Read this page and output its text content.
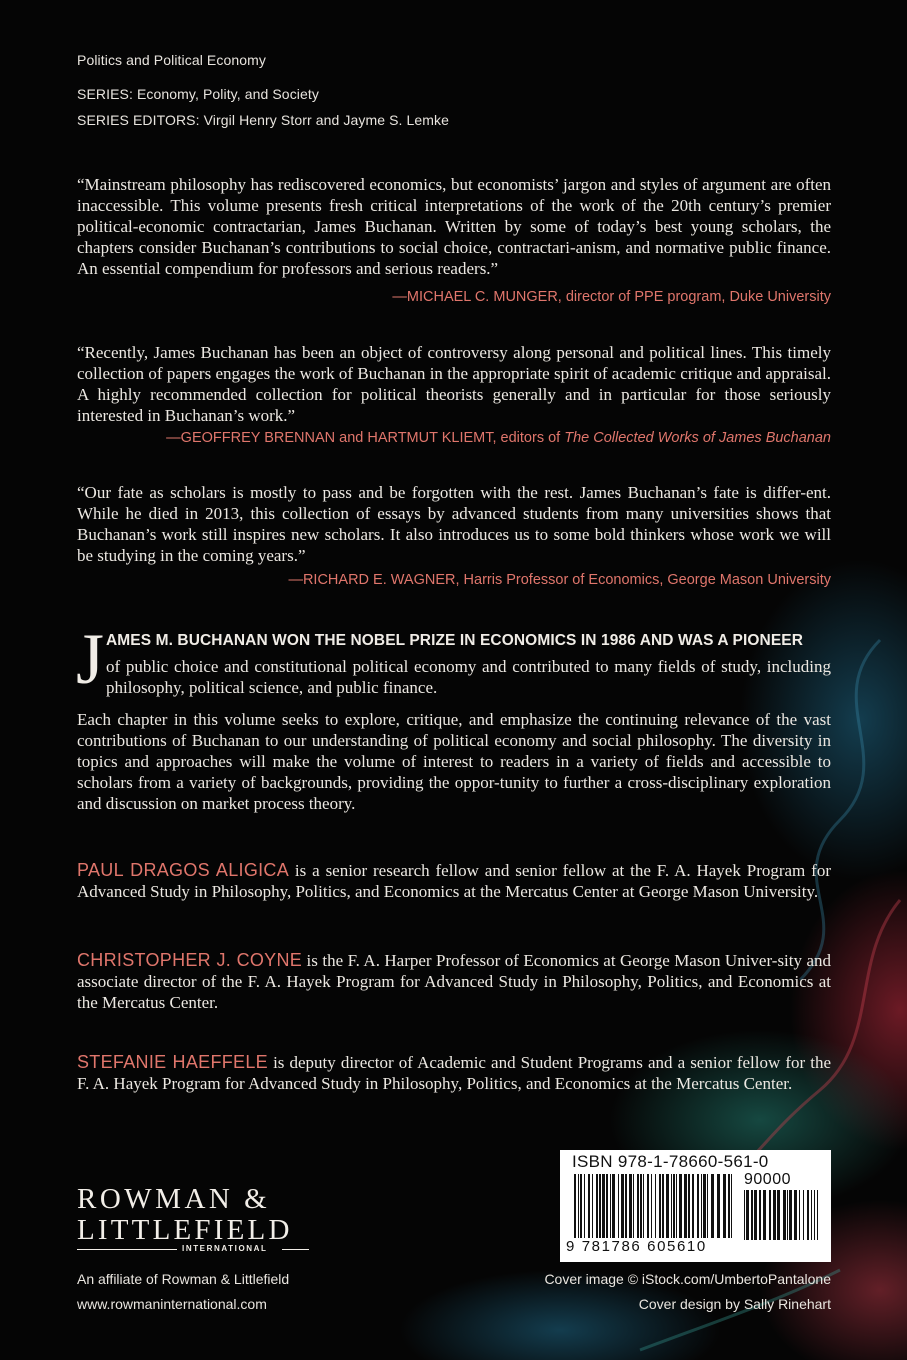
Politics and Political Economy
SERIES: Economy, Polity, and Society
SERIES EDITORS: Virgil Henry Storr and Jayme S. Lemke

“Mainstream philosophy has rediscovered economics, but economists’ jargon and styles of argument are often inaccessible. This volume presents fresh critical interpretations of the work of the 20th century’s premier political-economic contractarian, James Buchanan. Written by some of today’s best young scholars, the chapters consider Buchanan’s contributions to social choice, contractari-anism, and normative public finance. An essential compendium for professors and serious readers.”

—MICHAEL C. MUNGER, director of PPE program, Duke University

“Recently, James Buchanan has been an object of controversy along personal and political lines. This timely collection of papers engages the work of Buchanan in the appropriate spirit of academic critique and appraisal. A highly recommended collection for political theorists generally and in particular for those seriously interested in Buchanan’s work.”

—GEOFFREY BRENNAN and HARTMUT KLIEMT, editors of The Collected Works of James Buchanan

“Our fate as scholars is mostly to pass and be forgotten with the rest. James Buchanan’s fate is differ-ent. While he died in 2013, this collection of essays by advanced students from many universities shows that Buchanan’s work still inspires new scholars. It also introduces us to some bold thinkers whose work we will be studying in the coming years.”

—RICHARD E. WAGNER, Harris Professor of Economics, George Mason University
J AMES M. BUCHANAN WON THE NOBEL PRIZE IN ECONOMICS IN 1986 AND WAS A PIONEER

of public choice and constitutional political economy and contributed to many fields of study, including philosophy, political science, and public finance.

Each chapter in this volume seeks to explore, critique, and emphasize the continuing relevance of the vast contributions of Buchanan to our understanding of political economy and social philosophy. The diversity in topics and approaches will make the volume of interest to readers in a variety of fields and accessible to scholars from a variety of backgrounds, providing the oppor-tunity to further a cross-disciplinary exploration and discussion on market process theory.

PAUL DRAGOS ALIGICA is a senior research fellow and senior fellow at the F. A. Hayek Program for Advanced Study in Philosophy, Politics, and Economics at the Mercatus Center at George Mason University.

CHRISTOPHER J. COYNE is the F. A. Harper Professor of Economics at George Mason Univer-sity and associate director of the F. A. Hayek Program for Advanced Study in Philosophy, Politics, and Economics at the Mercatus Center.

STEFANIE HAEFFELE is deputy director of Academic and Student Programs and a senior fellow for the F. A. Hayek Program for Advanced Study in Philosophy, Politics, and Economics at the Mercatus Center.

ROWMAN &
LITTLEFIELD
INTERNATIONAL
An affiliate of Rowman & Littlefield
www.rowmaninternational.com
ISBN 978-1-78660-561-0
90000
9 781786 605610
Cover image © iStock.com/UmbertoPantalone
Cover design by Sally Rinehart
